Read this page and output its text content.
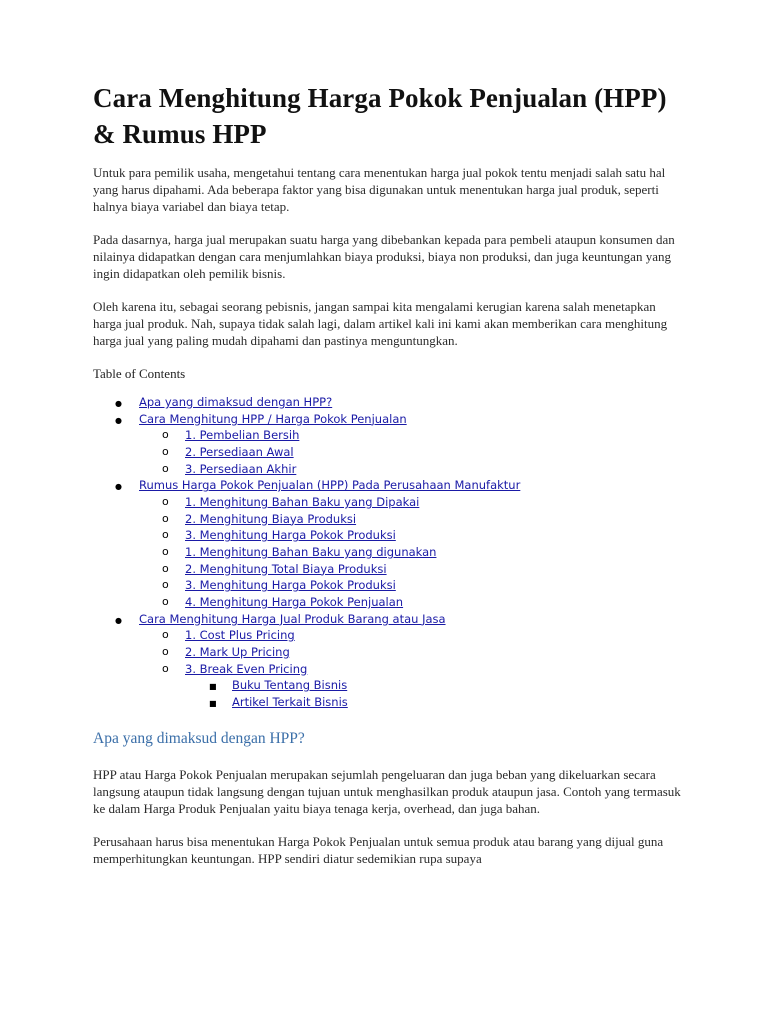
Cara Menghitung Harga Pokok Penjualan (HPP) & Rumus HPP

Untuk para pemilik usaha, mengetahui tentang cara menentukan harga jual pokok tentu menjadi salah satu hal yang harus dipahami. Ada beberapa faktor yang bisa digunakan untuk menentukan harga jual produk, seperti halnya biaya variabel dan biaya tetap.

Pada dasarnya, harga jual merupakan suatu harga yang dibebankan kepada para pembeli ataupun konsumen dan nilainya didapatkan dengan cara menjumlahkan biaya produksi, biaya non produksi, dan juga keuntungan yang ingin didapatkan oleh pemilik bisnis.

Oleh karena itu, sebagai seorang pebisnis, jangan sampai kita mengalami kerugian karena salah menetapkan harga jual produk. Nah, supaya tidak salah lagi, dalam artikel kali ini kami akan memberikan cara menghitung harga jual yang paling mudah dipahami dan pastinya menguntungkan.

Table of Contents
● Apa yang dimaksud dengan HPP?
● Cara Menghitung HPP / Harga Pokok Penjualan
o 1. Pembelian Bersih
o 2. Persediaan Awal
o 3. Persediaan Akhir
● Rumus Harga Pokok Penjualan (HPP) Pada Perusahaan Manufaktur
o 1. Menghitung Bahan Baku yang Dipakai
o 2. Menghitung Biaya Produksi
o 3. Menghitung Harga Pokok Produksi
o 1. Menghitung Bahan Baku yang digunakan
o 2. Menghitung Total Biaya Produksi
o 3. Menghitung Harga Pokok Produksi
o 4. Menghitung Harga Pokok Penjualan
● Cara Menghitung Harga Jual Produk Barang atau Jasa
o 1. Cost Plus Pricing
o 2. Mark Up Pricing
o 3. Break Even Pricing
■ Buku Tentang Bisnis
■ Artikel Terkait Bisnis
Apa yang dimaksud dengan HPP?

HPP atau Harga Pokok Penjualan merupakan sejumlah pengeluaran dan juga beban yang dikeluarkan secara langsung ataupun tidak langsung dengan tujuan untuk menghasilkan produk ataupun jasa. Contoh yang termasuk ke dalam Harga Produk Penjualan yaitu biaya tenaga kerja, overhead, dan juga bahan.

Perusahaan harus bisa menentukan Harga Pokok Penjualan untuk semua produk atau barang yang dijual guna memperhitungkan keuntungan. HPP sendiri diatur sedemikian rupa supaya
